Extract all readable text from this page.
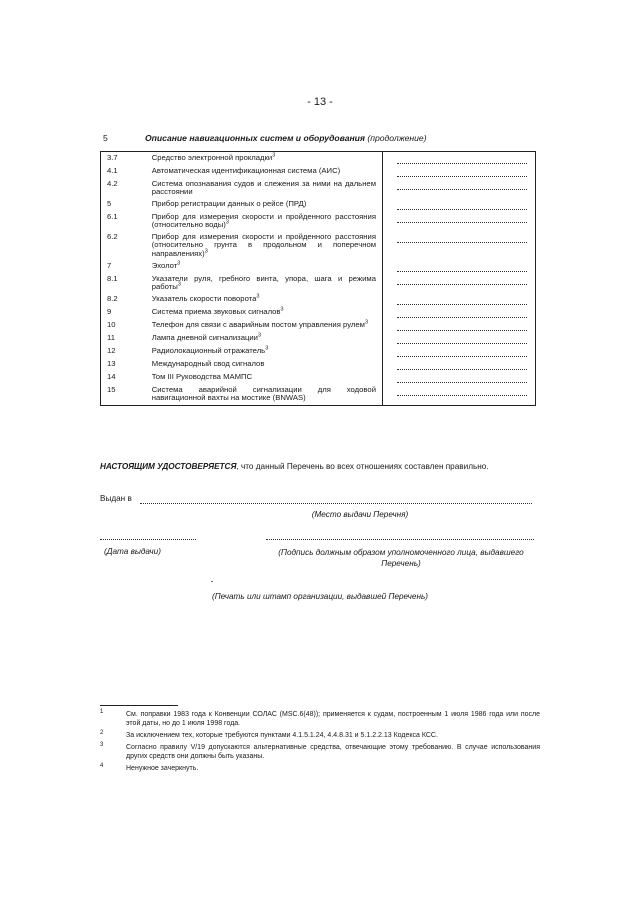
- 13 -
5	Описание навигационных систем и оборудования (продолжение)
3.7	Средство электронной прокладки$^3$	

4.1	Автоматическая идентификационная система (АИС)	

4.2	Система опознавания судов и слежения за ними на дальнем расстоянии	

5	Прибор регистрации данных о рейсе (ПРД)	

6.1	Прибор для измерения скорости и пройденного расстояния (относительно воды)$^3$	

6.2	Прибор для измерения скорости и пройденного расстояния (относительно грунта в продольном и поперечном направлениях)$^3$	

7	Эхолот$^3$	

8.1	Указатели руля, гребного винта, упора, шага и режима работы$^3$	

8.2	Указатель скорости поворота$^3$	

9	Система приема звуковых сигналов$^3$	

10	Телефон для связи с аварийным постом управления рулем$^3$	

11	Лампа дневной сигнализации$^3$	

12	Радиолокационный отражатель$^3$	

13	Международный свод сигналов	

14	Том III Руководства МАМПС	

15	Система аварийной сигнализации для ходовой навигационной вахты на мостике (BNWAS)	
НАСТОЯЩИМ УДОСТОВЕРЯЕТСЯ, что данный Перечень во всех отношениях составлен правильно.
Выдан в
(Место выдачи Перечня)
(Дата выдачи)	(Подпись должным образом уполномоченного лица, выдавшего Перечень)
(Печать или штамп организации, выдавшей Перечень)
1	См. поправки 1983 года к Конвенции СОЛАС (MSC.6(48)); применяется к судам, построенным 1 июля 1986 года или после этой даты, но до 1 июля 1998 года.
2	За исключением тех, которые требуются пунктами 4.1.5.1.24, 4.4.8.31 и 5.1.2.2.13 Кодекса КСС.
3	Согласно правилу V/19 допускаются альтернативные средства, отвечающие этому требованию. В случае использования других средств они должны быть указаны.
4	Ненужное зачеркнуть.
